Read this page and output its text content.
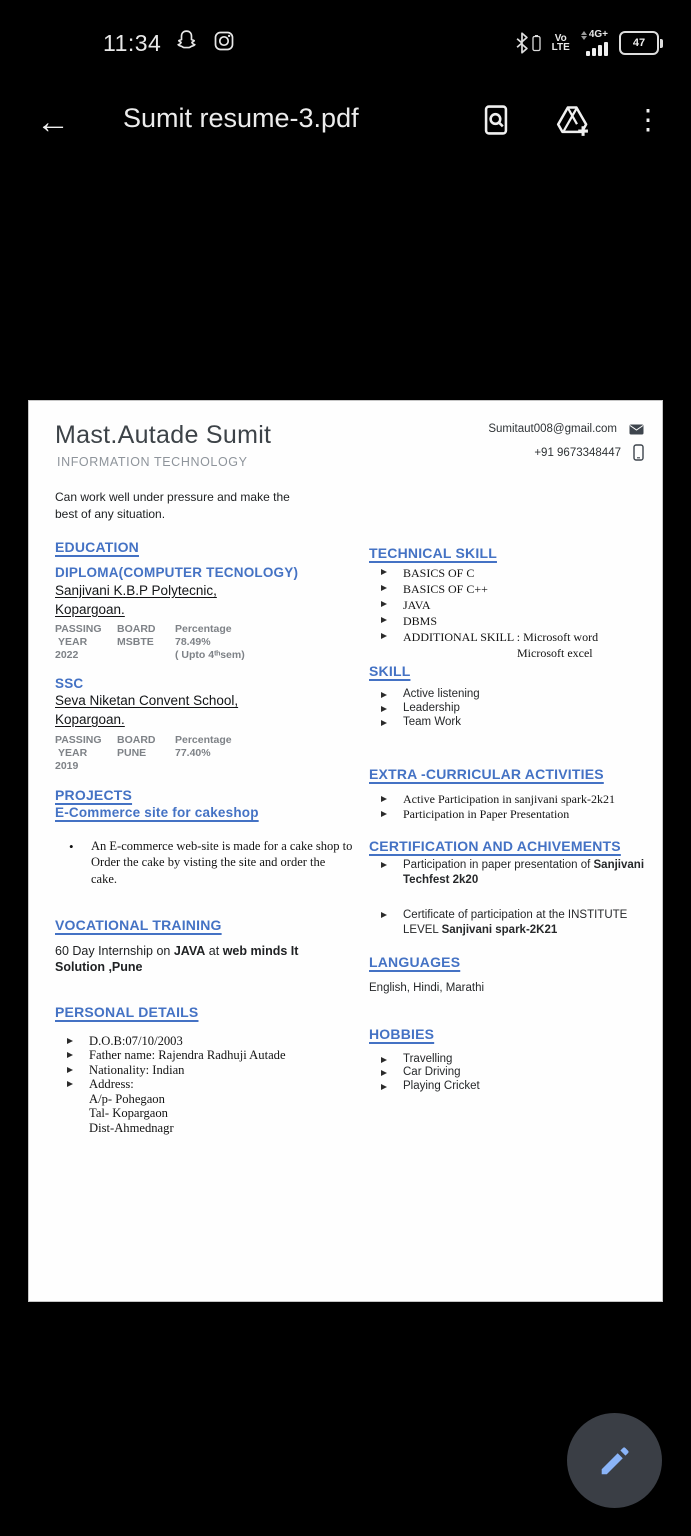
11:34	Vo
LTE
4G+
47
← Sumit resume-3.pdf	⋮
Mast.Autade Sumit
INFORMATION TECHNOLOGY
Sumitaut008@gmail.com
+91 9673348447
Can work well under pressure and make the best of any situation.
EDUCATION
DIPLOMA(COMPUTER TECNOLOGY)
Sanjivani K.B.P Polytecnic,
Kopargoan.
PASSING
YEAR
2022
BOARD
MSBTE
Percentage
78.49%
( Upto 4ᵗʰsem)
SSC
Seva Niketan Convent School,
Kopargoan.
PASSING
YEAR
2019
BOARD
PUNE
Percentage
77.40%
PROJECTS
E-Commerce site for cakeshop
• An E-commerce web-site is made for a cake shop to Order the cake by visting the site and order the cake.
VOCATIONAL TRAINING
60 Day Internship on JAVA at web minds It Solution ,Pune
PERSONAL DETAILS
D.O.B:07/10/2003
Father name: Rajendra Radhuji Autade
Nationality: Indian
Address:
A/p- Pohegaon
Tal- Kopargaon
Dist-Ahmednagr
TECHNICAL SKILL
BASICS OF C
BASICS OF C++
JAVA
DBMS
ADDITIONAL SKILL : Microsoft word
Microsoft excel
SKILL
Active listening
Leadership
Team Work
EXTRA -CURRICULAR ACTIVITIES
Active Participation in sanjivani spark-2k21
Participation in Paper Presentation
CERTIFICATION AND ACHIVEMENTS
Participation in paper presentation of Sanjivani Techfest 2k20
Certificate of participation at the INSTITUTE LEVEL Sanjivani spark-2K21
LANGUAGES
English, Hindi, Marathi
HOBBIES
Travelling
Car Driving
Playing Cricket
